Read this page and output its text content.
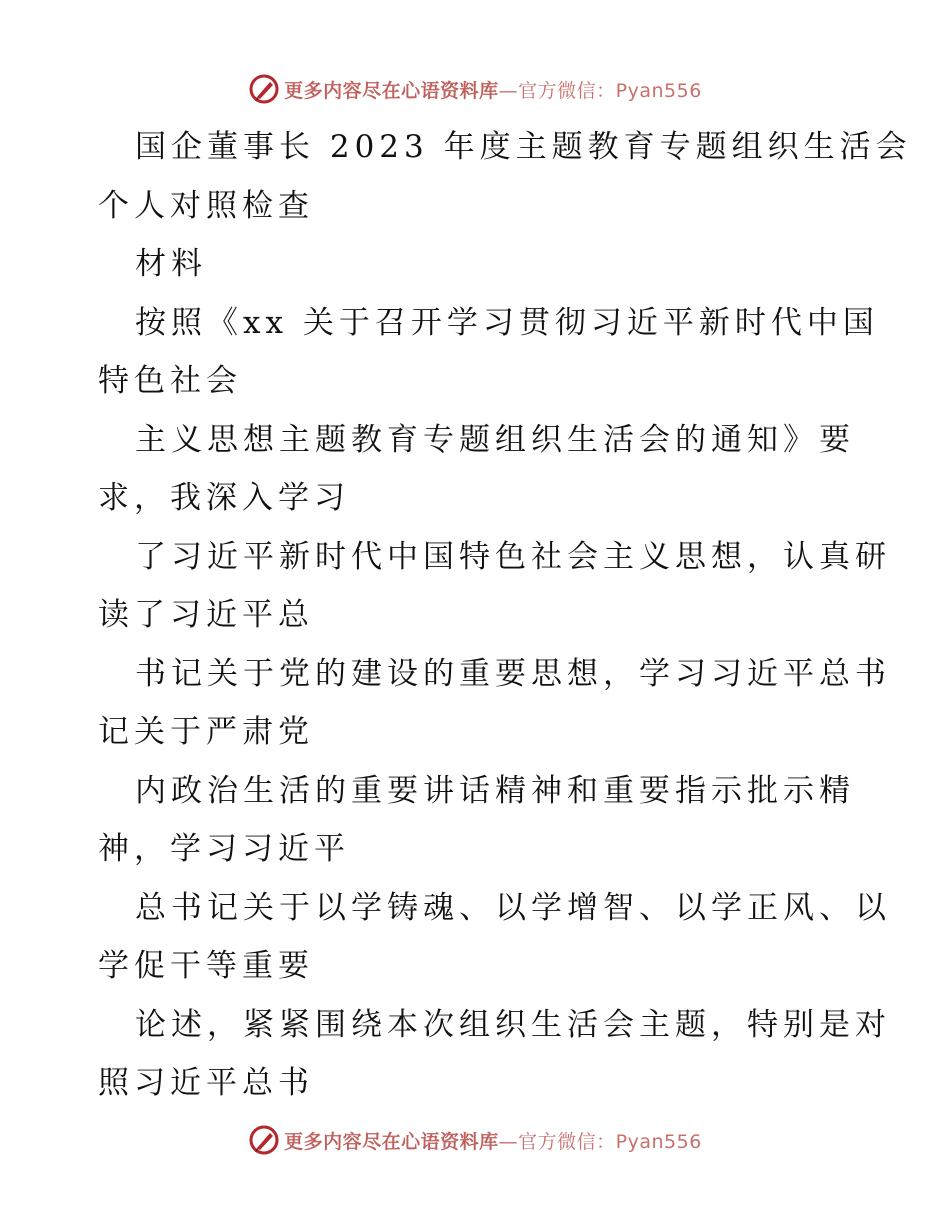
更多内容尽在心语资料库—官方微信：Pyan556
国企董事长 2023 年度主题教育专题组织生活会
个人对照检查
材料
按照《xx 关于召开学习贯彻习近平新时代中国
特色社会
主义思想主题教育专题组织生活会的通知》要
求，我深入学习
了习近平新时代中国特色社会主义思想，认真研
读了习近平总
书记关于党的建设的重要思想，学习习近平总书
记关于严肃党
内政治生活的重要讲话精神和重要指示批示精
神，学习习近平
总书记关于以学铸魂、以学增智、以学正风、以
学促干等重要
论述，紧紧围绕本次组织生活会主题，特别是对
照习近平总书
更多内容尽在心语资料库—官方微信：Pyan556
